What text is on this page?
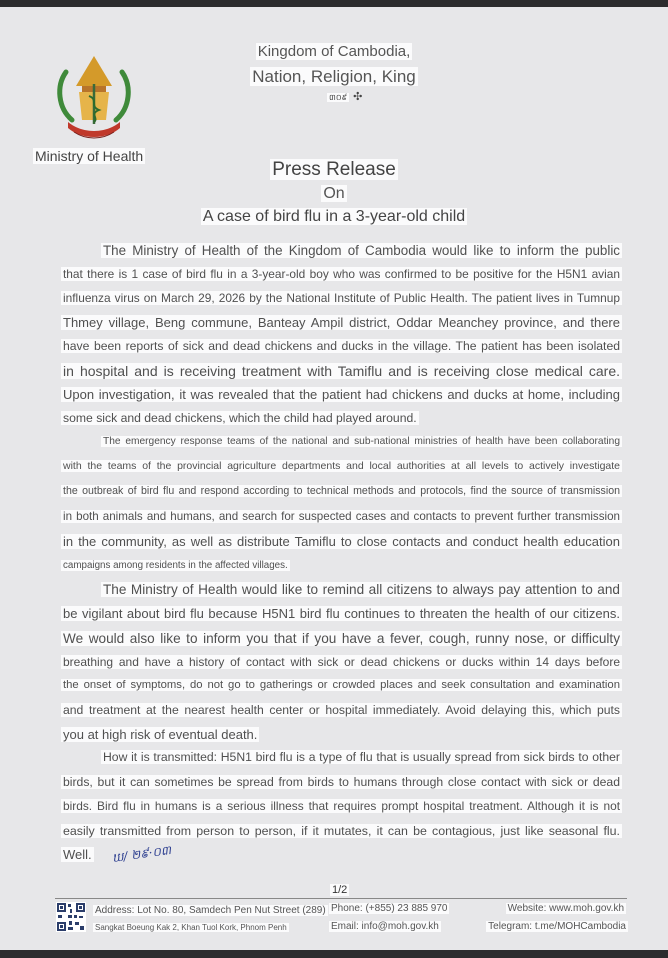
Kingdom of Cambodia,
Nation, Religion, King
៣០៩ ✣
Ministry of Health
Press Release
On
A case of bird flu in a 3-year-old child
The Ministry of Health of the Kingdom of Cambodia would like to inform the public
that there is 1 case of bird flu in a 3-year-old boy who was confirmed to be positive for the H5N1 avian
influenza virus on March 29, 2026 by the National Institute of Public Health. The patient lives in Tumnup
Thmey village, Beng commune, Banteay Ampil district, Oddar Meanchey province, and there
have been reports of sick and dead chickens and ducks in the village. The patient has been isolated
in hospital and is receiving treatment with Tamiflu and is receiving close medical care.
Upon investigation, it was revealed that the patient had chickens and ducks at home, including
some sick and dead chickens, which the child had played around.
The emergency response teams of the national and sub-national ministries of health have been collaborating
with the teams of the provincial agriculture departments and local authorities at all levels to actively investigate
the outbreak of bird flu and respond according to technical methods and protocols, find the source of transmission
in both animals and humans, and search for suspected cases and contacts to prevent further transmission
in the community, as well as distribute Tamiflu to close contacts and conduct health education
campaigns among residents in the affected villages.
The Ministry of Health would like to remind all citizens to always pay attention to and
be vigilant about bird flu because H5N1 bird flu continues to threaten the health of our citizens.
We would also like to inform you that if you have a fever, cough, runny nose, or difficulty
breathing and have a history of contact with sick or dead chickens or ducks within 14 days before
the onset of symptoms, do not go to gatherings or crowded places and seek consultation and examination
and treatment at the nearest health center or hospital immediately. Avoid delaying this, which puts
you at high risk of eventual death.
How it is transmitted: H5N1 bird flu is a type of flu that is usually spread from sick birds to other
birds, but it can sometimes be spread from birds to humans through close contact with sick or dead
birds. Bird flu in humans is a serious illness that requires prompt hospital treatment. Although it is not
easily transmitted from person to person, if it mutates, it can be contagious, just like seasonal flu.
Well.	ឃ/ ២៩·០៣
1/2
Address: Lot No. 80, Samdech Pen Nut Street (289)
Sangkat Boeung Kak 2, Khan Tuol Kork, Phnom Penh
Phone: (+855) 23 885 970
Email: info@moh.gov.kh
Website: www.moh.gov.kh
Telegram: t.me/MOHCambodia
